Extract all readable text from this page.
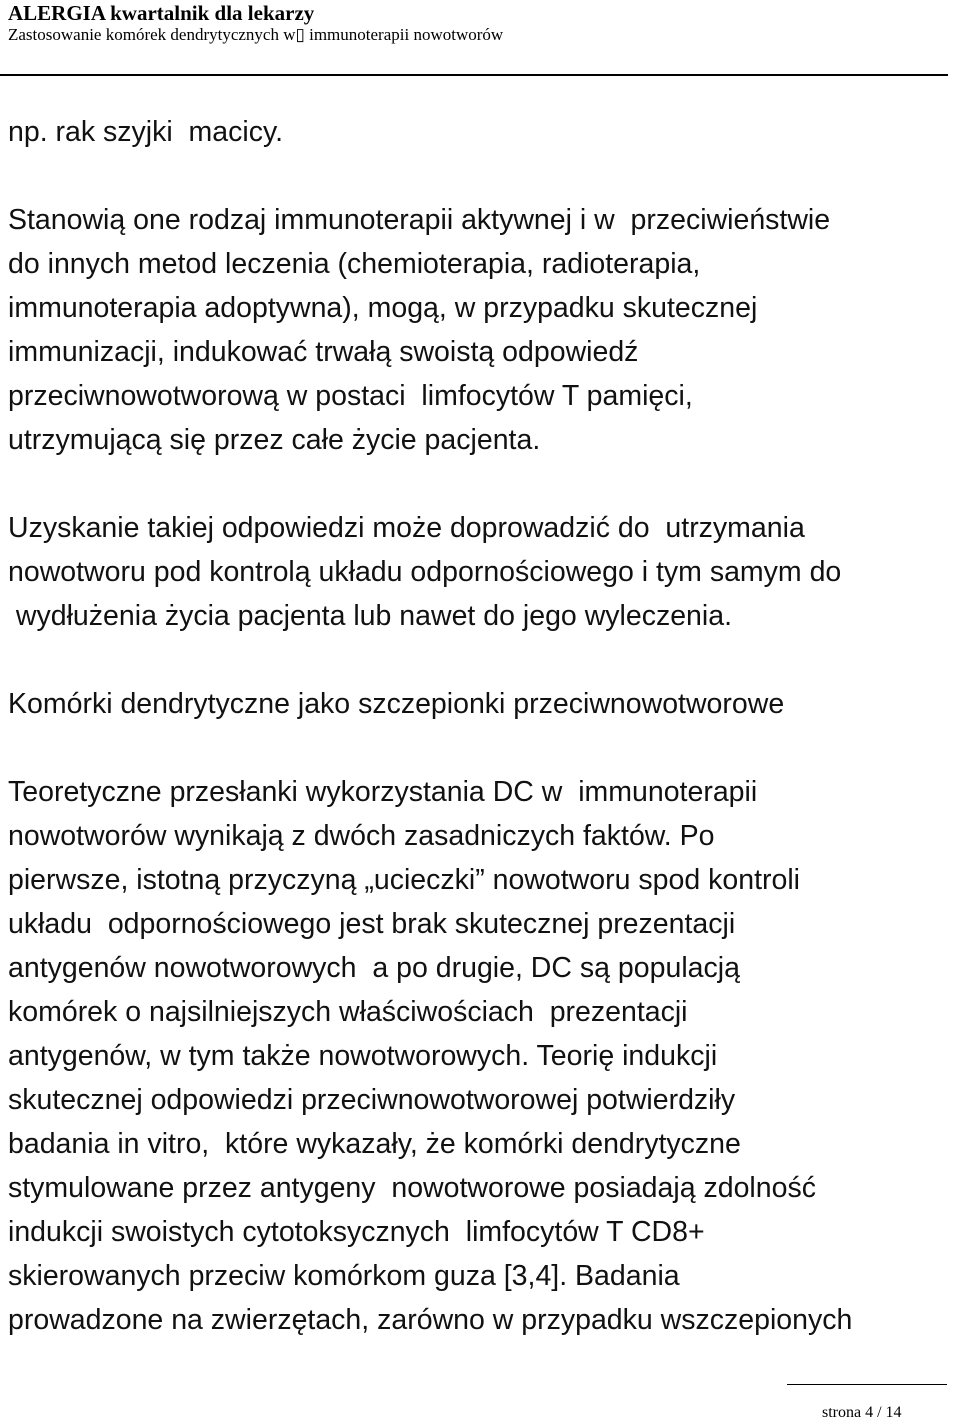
ALERGIA kwartalnik dla lekarzy
Zastosowanie komórek dendrytycznych w▯ immunoterapii nowotworów

np. rak szyjki  macicy.

Stanowią one rodzaj immunoterapii aktywnej i w  przeciwieństwie

do innych metod leczenia (chemioterapia, radioterapia,

immunoterapia adoptywna), mogą, w przypadku skutecznej

immunizacji, indukować trwałą swoistą odpowiedź

przeciwnowotworową w postaci  limfocytów T pamięci,

utrzymującą się przez całe życie pacjenta.

Uzyskanie takiej odpowiedzi może doprowadzić do  utrzymania

nowotworu pod kontrolą układu odpornościowego i tym samym do

wydłużenia życia pacjenta lub nawet do jego wyleczenia.

Komórki dendrytyczne jako szczepionki przeciwnowotworowe

Teoretyczne przesłanki wykorzystania DC w  immunoterapii

nowotworów wynikają z dwóch zasadniczych faktów. Po

pierwsze, istotną przyczyną „ucieczki” nowotworu spod kontroli

układu  odpornościowego jest brak skutecznej prezentacji

antygenów nowotworowych  a po drugie, DC są populacją

komórek o najsilniejszych właściwościach  prezentacji

antygenów, w tym także nowotworowych. Teorię indukcji

skutecznej odpowiedzi przeciwnowotworowej potwierdziły

badania in vitro,  które wykazały, że komórki dendrytyczne

stymulowane przez antygeny  nowotworowe posiadają zdolność

indukcji swoistych cytotoksycznych  limfocytów T CD8+

skierowanych przeciw komórkom guza [3,4]. Badania

prowadzone na zwierzętach, zarówno w przypadku wszczepionych

strona 4 / 14
